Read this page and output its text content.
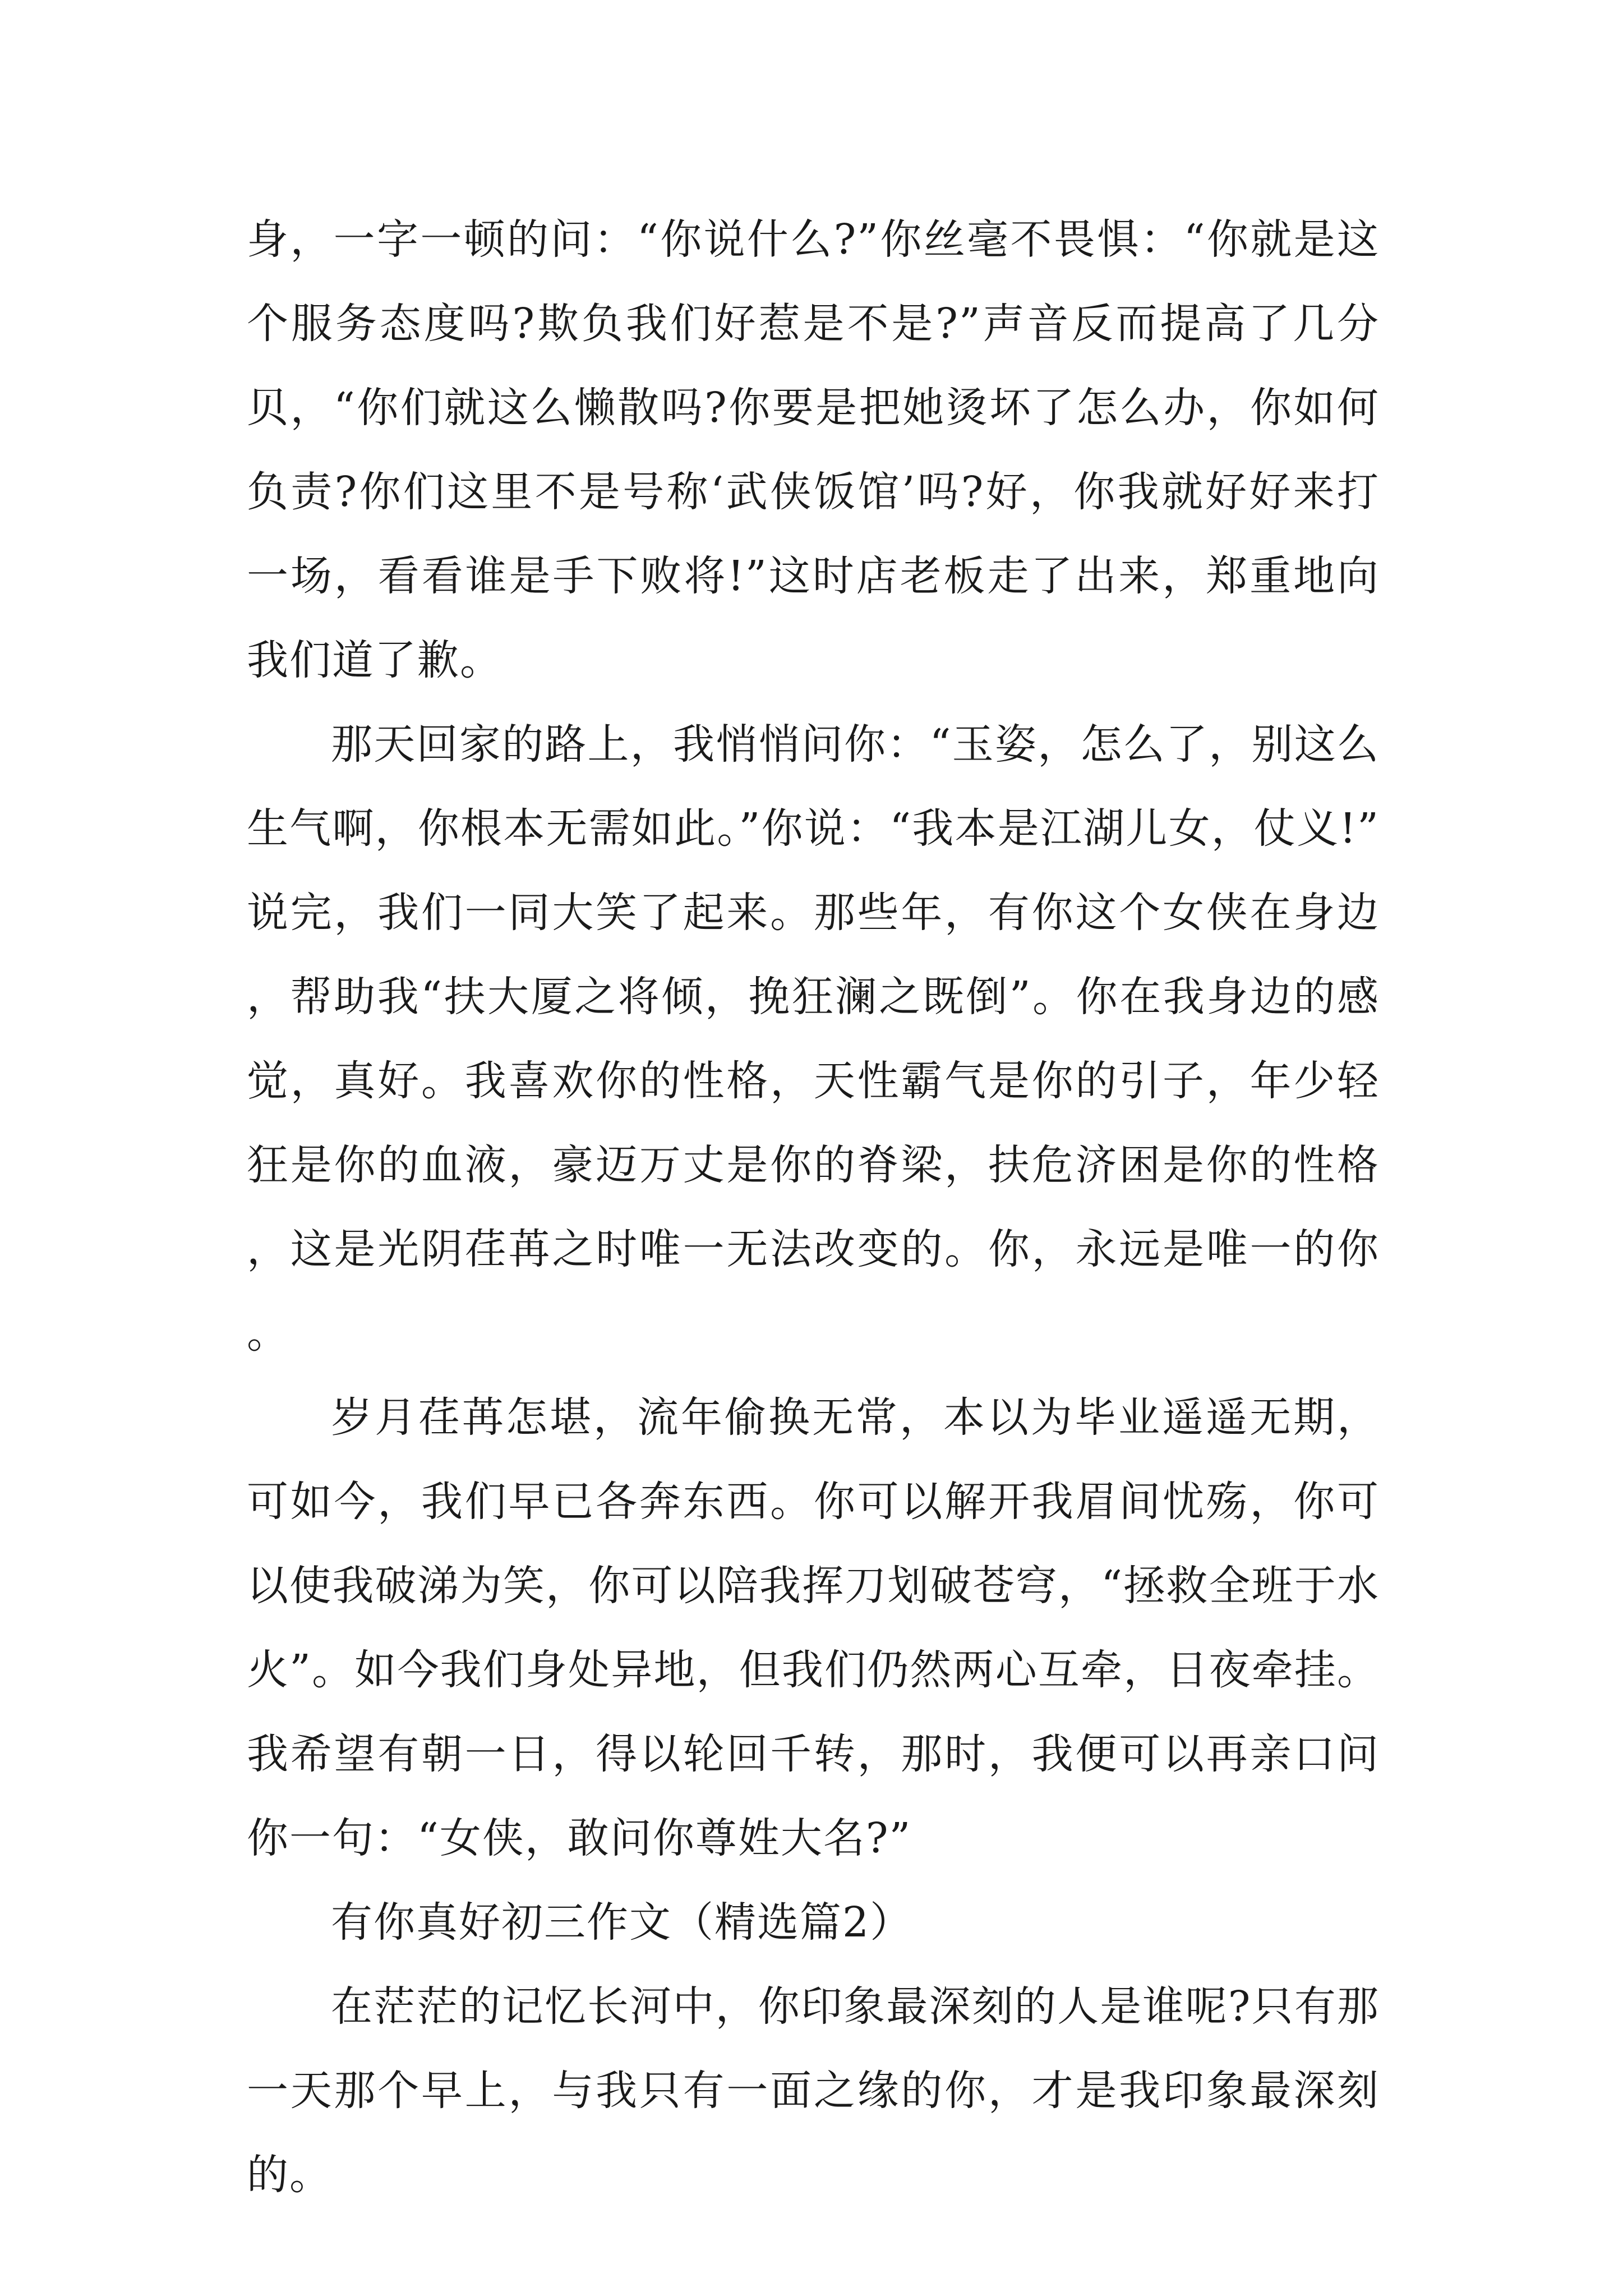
身，一字一顿的问：“你说什么?”你丝毫不畏惧：“你就是这个服务态度吗?欺负我们好惹是不是?”声音反而提高了几分贝，“你们就这么懒散吗?你要是把她烫坏了怎么办，你如何负责?你们这里不是号称‘武侠饭馆’吗?好，你我就好好来打一场，看看谁是手下败将!”这时店老板走了出来，郑重地向我们道了歉。

那天回家的路上，我悄悄问你：“玉姿，怎么了，别这么生气啊，你根本无需如此。”你说：“我本是江湖儿女，仗义!”说完，我们一同大笑了起来。那些年，有你这个女侠在身边，帮助我“扶大厦之将倾，挽狂澜之既倒”。你在我身边的感觉，真好。我喜欢你的性格，天性霸气是你的引子，年少轻狂是你的血液，豪迈万丈是你的脊梁，扶危济困是你的性格，这是光阴荏苒之时唯一无法改变的。你，永远是唯一的你。

岁月荏苒怎堪，流年偷换无常，本以为毕业遥遥无期，可如今，我们早已各奔东西。你可以解开我眉间忧殇，你可以使我破涕为笑，你可以陪我挥刀划破苍穹，“拯救全班于水火”。如今我们身处异地，但我们仍然两心互牵，日夜牵挂。我希望有朝一日，得以轮回千转，那时，我便可以再亲口问你一句：“女侠，敢问你尊姓大名?”

有你真好初三作文（精选篇2）

在茫茫的记忆长河中，你印象最深刻的人是谁呢?只有那一天那个早上，与我只有一面之缘的你，才是我印象最深刻的。
